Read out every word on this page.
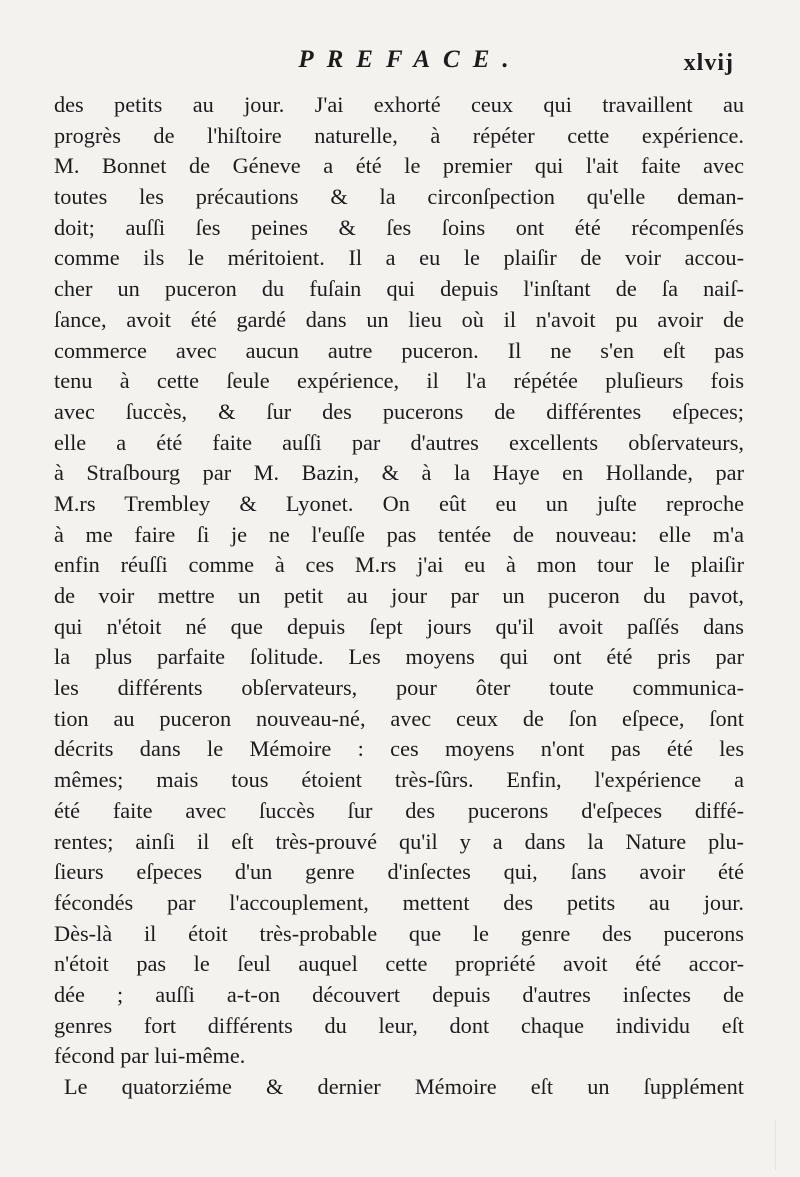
PREFACE.	xlvij
des petits au jour. J'ai exhorté ceux qui travaillent au
progrès de l'hiſtoire naturelle, à répéter cette expérience.
M. Bonnet de Géneve a été le premier qui l'ait faite avec
toutes les précautions & la circonſpection qu'elle deman-
doit; auſſi ſes peines & ſes ſoins ont été récompenſés
comme ils le méritoient. Il a eu le plaiſir de voir accou-
cher un puceron du fuſain qui depuis l'inſtant de ſa naiſ-
ſance, avoit été gardé dans un lieu où il n'avoit pu avoir de
commerce avec aucun autre puceron. Il ne s'en eſt pas
tenu à cette ſeule expérience, il l'a répétée pluſieurs fois
avec ſuccès, & ſur des pucerons de différentes eſpeces;
elle a été faite auſſi par d'autres excellents obſervateurs,
à Straſbourg par M. Bazin, & à la Haye en Hollande, par
M.rs Trembley & Lyonet. On eût eu un juſte reproche
à me faire ſi je ne l'euſſe pas tentée de nouveau: elle m'a
enfin réuſſi comme à ces M.rs j'ai eu à mon tour le plaiſir
de voir mettre un petit au jour par un puceron du pavot,
qui n'étoit né que depuis ſept jours qu'il avoit paſſés dans
la plus parfaite ſolitude. Les moyens qui ont été pris par
les différents obſervateurs, pour ôter toute communica-
tion au puceron nouveau-né, avec ceux de ſon eſpece, ſont
décrits dans le Mémoire : ces moyens n'ont pas été les
mêmes; mais tous étoient très-ſûrs. Enfin, l'expérience a
été faite avec ſuccès ſur des pucerons d'eſpeces diffé-
rentes; ainſi il eſt très-prouvé qu'il y a dans la Nature plu-
ſieurs eſpeces d'un genre d'inſectes qui, ſans avoir été
fécondés par l'accouplement, mettent des petits au jour.
Dès-là il étoit très-probable que le genre des pucerons
n'étoit pas le ſeul auquel cette propriété avoit été accor-
dée ; auſſi a-t-on découvert depuis d'autres inſectes de
genres fort différents du leur, dont chaque individu eſt
fécond par lui-même.
Le quatorziéme & dernier Mémoire eſt un ſupplément
